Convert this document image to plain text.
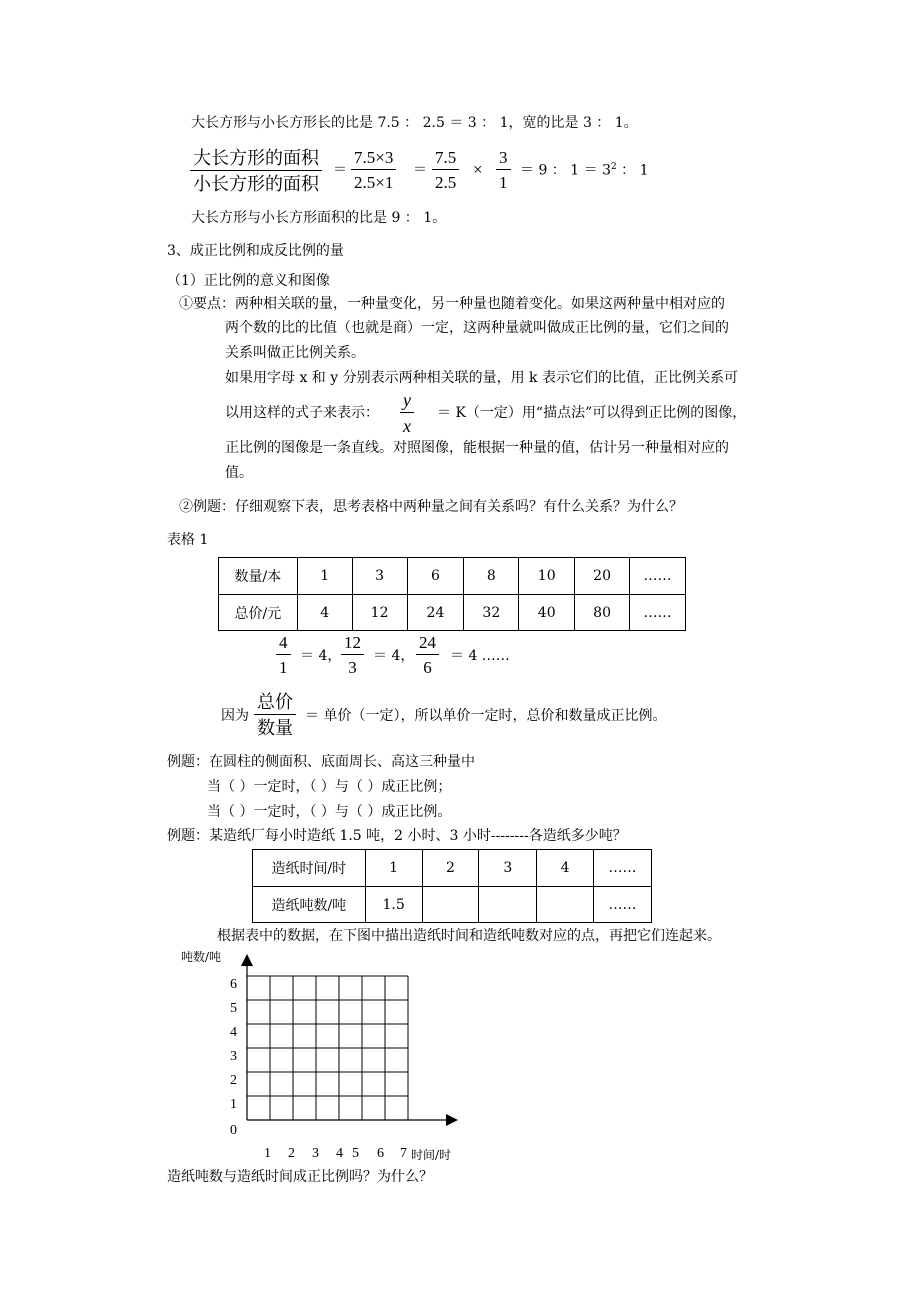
大长方形与小长方形长的比是 7.5 ： 2.5 ＝ 3 ： 1，宽的比是 3 ： 1。
大长方形的面积
小长方形的面积
＝ $\frac{7.5\times 3}{2.5\times 1} = \frac{7.5}{2.5} \times \frac{3}{1} = 9$ ： $1 = 3^2$ ： 1
大长方形与小长方形面积的比是 9 ： 1。
3、成正比例和成反比例的量
（1）正比例的意义和图像
①要点：两种相关联的量，一种量变化，另一种量也随着变化。如果这两种量中相对应的
两个数的比的比值（也就是商）一定，这两种量就叫做成正比例的量，它们之间的
关系叫做正比例关系。
如果用字母 x 和 y 分别表示两种相关联的量，用 k 表示它们的比值，正比例关系可
以用这样的式子来表示： $\frac{y}{x} = K$（一定）用“描点法”可以得到正比例的图像，
正比例的图像是一条直线。对照图像，能根据一种量的值，估计另一种量相对应的
值。
②例题：仔细观察下表，思考表格中两种量之间有关系吗？有什么关系？为什么？
表格 1
数量/本	1	3	6	8	10	20	……
总价/元	4	12	24	32	40	80	……
$\frac{4}{1} = 4$， $\frac{12}{3} = 4$， $\frac{24}{6} = 4$ ……
因为
总价
数量
＝ 单价（一定），所以单价一定时，总价和数量成正比例。
例题：在圆柱的侧面积、底面周长、高这三种量中
当（ ）一定时，（ ）与（ ）成正比例；
当（ ）一定时，（ ）与（ ）成正比例。
例题：某造纸厂每小时造纸 1.5 吨，2 小时、3 小时--------各造纸多少吨？
造纸时间/时	1	2	3	4	……
造纸吨数/吨	1.5				……
根据表中的数据，在下图中描出造纸时间和造纸吨数对应的点，再把它们连起来。
吨数/吨
6
5
4
3
2
1
0
1 2 3 4 5 6 7 时间/时
造纸吨数与造纸时间成正比例吗？为什么？
